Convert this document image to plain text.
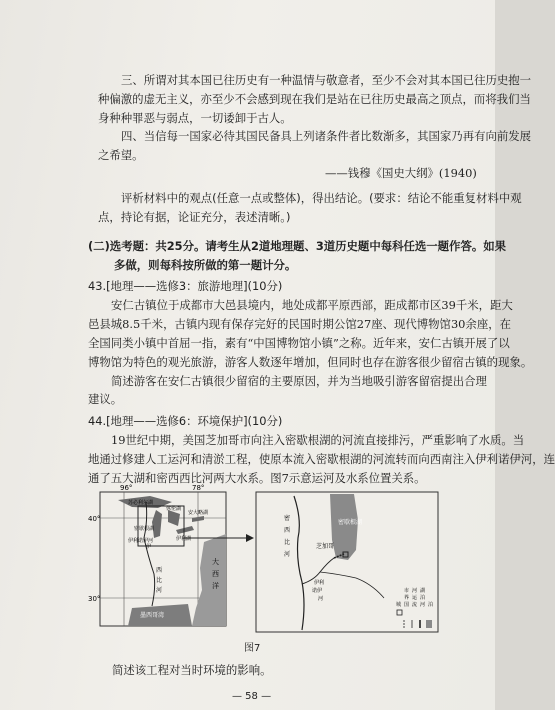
三、所谓对其本国已往历史有一种温情与敬意者，至少不会对其本国已往历史抱一
种偏激的虚无主义，亦至少不会感到现在我们是站在已往历史最高之顶点，而将我们当
身种种罪恶与弱点，一切诿卸于古人。
四、当信每一国家必待其国民备具上列诸条件者比数渐多，其国家乃再有向前发展
之希望。
——钱穆《国史大纲》(1940)
评析材料中的观点(任意一点或整体)，得出结论。(要求：结论不能重复材料中观
点，持论有据，论证充分，表述清晰。)
(二)选考题：共25分。请考生从2道地理题、3道历史题中每科任选一题作答。如果
多做，则每科按所做的第一题计分。
43.[地理——选修3：旅游地理](10分)
安仁古镇位于成都市大邑县境内，地处成都平原西部，距成都市区39千米，距大
邑县城8.5千米，古镇内现有保存完好的民国时期公馆27座、现代博物馆30余座，在
全国同类小镇中首屈一指，素有“中国博物馆小镇”之称。近年来，安仁古镇开展了以
博物馆为特色的观光旅游，游客人数逐年增加，但同时也存在游客很少留宿古镇的现象。
简述游客在安仁古镇很少留宿的主要原因，并为当地吸引游客留宿提出合理
建议。
44.[地理——选修6：环境保护](10分)
19世纪中期，美国芝加哥市向注入密歇根湖的河流直接排污，严重影响了水质。当
地通过修建人工运河和清淤工程，使原本流入密歇根湖的河流转而向西南注入伊利诺伊河，连
通了五大湖和密西西比河两大水系。图7示意运河及水系位置关系。
96°	78°
40°
30°
苏必利尔湖
休伦湖
密歇根湖
安大略湖
伊利湖
伊利诺伊河
西
比
河
大
西
洋
墨西哥湾
伊
密
西
比
河
伊利
诺伊
河
芝加哥
密歇根湖
市
界
河
运
湖
泊
城 国 流 河 泊
图7
简述该工程对当时环境的影响。
— 58 —
